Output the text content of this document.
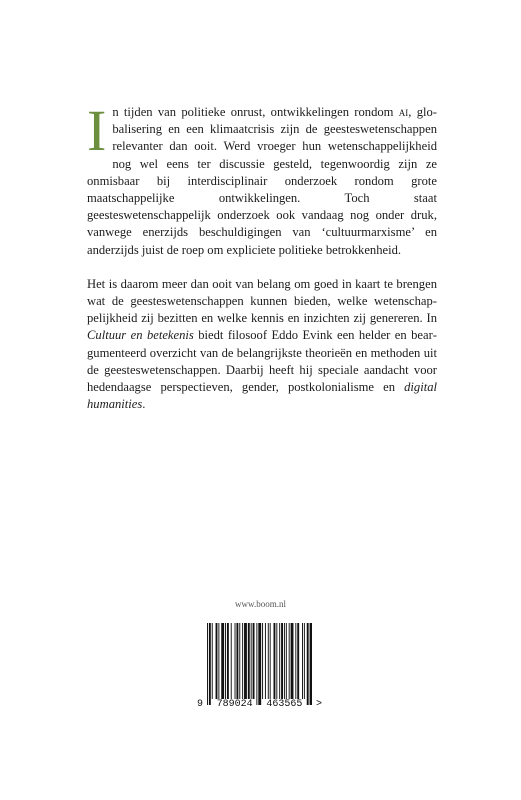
In tijden van politieke onrust, ontwikkelingen rondom ai, globalisering en een klimaatcrisis zijn de geesteswetenschappen relevanter dan ooit. Werd vroeger hun wetenschappelijkheid nog wel eens ter discussie gesteld, tegenwoordig zijn ze onmisbaar bij interdisciplinair onderzoek rondom grote maatschappelijke ontwikkelingen. Toch staat geesteswetenschappelijk onderzoek ook vandaag nog onder druk, vanwege enerzijds beschuldigingen van ‘cultuurmarxisme’ en anderzijds juist de roep om expliciete politieke betrokkenheid.

Het is daarom meer dan ooit van belang om goed in kaart te brengen wat de geesteswetenschappen kunnen bieden, welke wetenschappelijkheid zij bezitten en welke kennis en inzichten zij genereren. In Cultuur en betekenis biedt filosoof Eddo Evink een helder en beargumenteerd overzicht van de belangrijkste theorieën en methoden uit de geesteswetenschappen. Daarbij heeft hij speciale aandacht voor hedendaagse perspectieven, gender, postkolonialisme en digital humanities.

www.boom.nl
9 789024 463565 >
